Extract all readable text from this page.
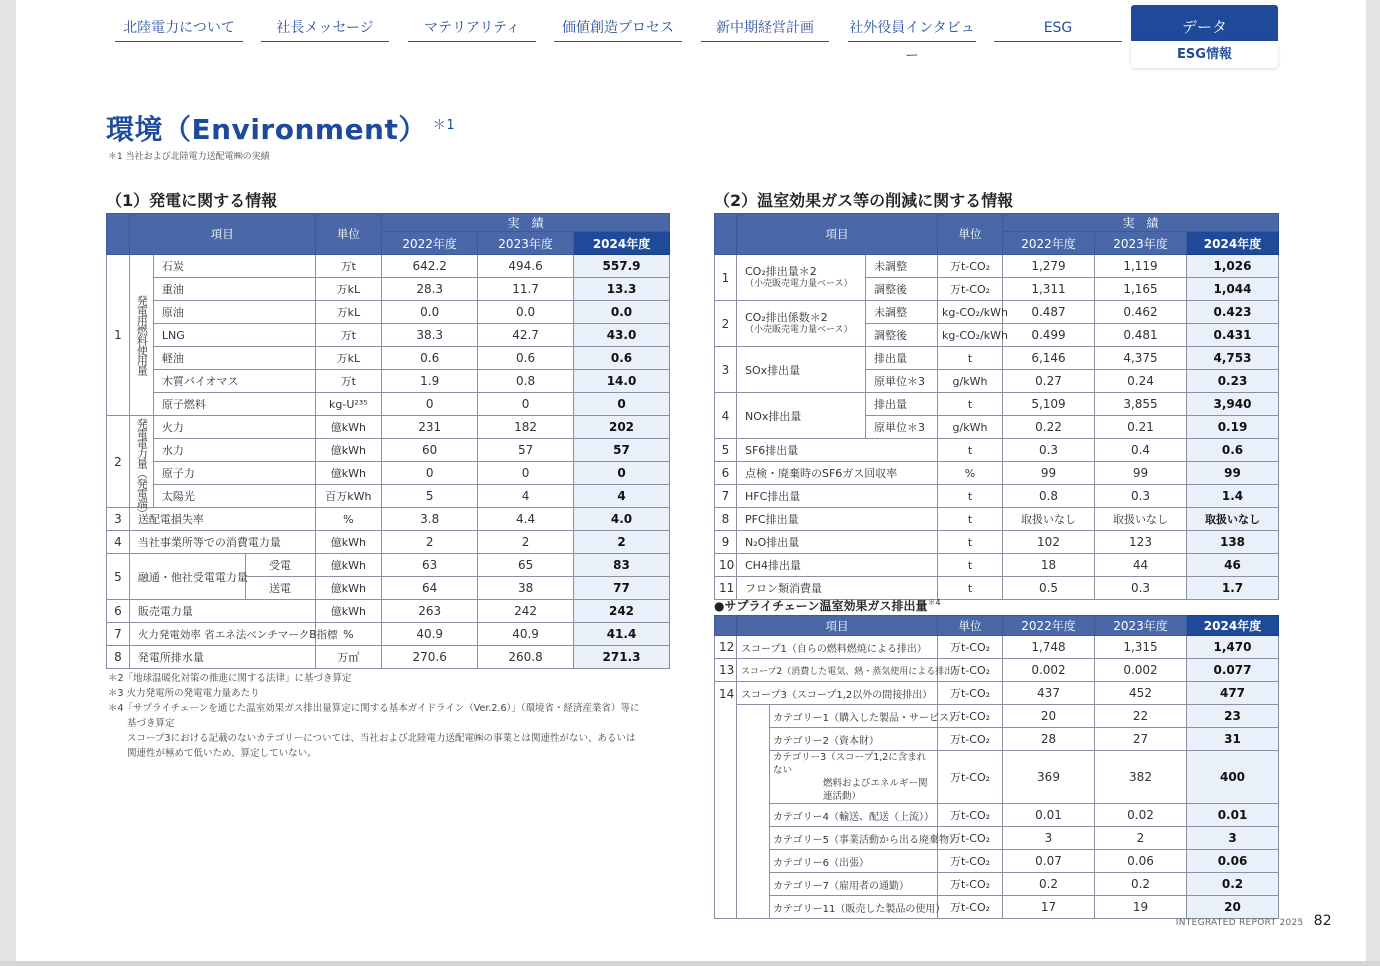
北陸電力について	社長メッセージ	マテリアリティ	価値創造プロセス	新中期経営計画	社外役員インタビュー
ESG	データ
ESG情報
環境（Environment） $^{*1}$
＊1 当社および北陸電力送配電㈱の実績
（1）発電に関する情報
	項目			単位	実　績		
					2022年度	2023年度	2024年度
1	発電用燃料使用量	石炭		万t	642.2	494.6	557.9
		重油		万kL	28.3	11.7	13.3
		原油		万kL	0.0	0.0	0.0
		LNG		万t	38.3	42.7	43.0
		軽油		万kL	0.6	0.6	0.6
		木質バイオマス		万t	1.9	0.8	14.0
		原子燃料		kg-U²³⁵	0	0	0
2	発電電力量（発電端）	火力		億kWh	231	182	202
		水力		億kWh	60	57	57
		原子力		億kWh	0	0	0
		太陽光		百万kWh	5	4	4
3	送配電損失率			%	3.8	4.4	4.0
4	当社事業所等での消費電力量			億kWh	2	2	2
5	融通・他社受電電力量		受電	億kWh	63	65	83
			送電	億kWh	64	38	77
6	販売電力量			億kWh	263	242	242
7	火力発電効率 省エネ法ベンチマークB指標			%	40.9	40.9	41.4
8	発電所排水量			万㎥	270.6	260.8	271.3
＊2「地球温暖化対策の推進に関する法律」に基づき算定
＊3 火力発電所の発電電力量あたり
＊4「サプライチェーンを通じた温室効果ガス排出量算定に関する基本ガイドライン（Ver.2.6）」（環境省・経済産業省）等に
　　基づき算定
　　スコープ3における記載のないカテゴリーについては、当社および北陸電力送配電㈱の事業とは関連性がない、あるいは
　　関連性が極めて低いため、算定していない。
（2）温室効果ガス等の削減に関する情報
	項目		単位	実　績		
				2022年度	2023年度	2024年度
1	CO₂排出量＊2
（小売販売電力量ベース）	未調整	万t-CO₂	1,279	1,119	1,026
		調整後	万t-CO₂	1,311	1,165	1,044
2	CO₂排出係数＊2
（小売販売電力量ベース）	未調整	kg-CO₂/kWh	0.487	0.462	0.423
		調整後	kg-CO₂/kWh	0.499	0.481	0.431
3	SOx排出量	排出量	t	6,146	4,375	4,753
		原単位＊3	g/kWh	0.27	0.24	0.23
4	NOx排出量	排出量	t	5,109	3,855	3,940
		原単位＊3	g/kWh	0.22	0.21	0.19
5	SF6排出量		t	0.3	0.4	0.6
6	点検・廃棄時のSF6ガス回収率		%	99	99	99
7	HFC排出量		t	0.8	0.3	1.4
8	PFC排出量		t	取扱いなし	取扱いなし	取扱いなし
9	N₂O排出量		t	102	123	138
10	CH4排出量		t	18	44	46
11	フロン類消費量		t	0.5	0.3	1.7
●サプライチェーン温室効果ガス排出量$^{*4}$
	項目		単位	2022年度	2023年度	2024年度
12	スコープ1（自らの燃料燃焼による排出）		万t-CO₂	1,748	1,315	1,470
13	スコープ2（消費した電気、熱・蒸気使用による排出）		万t-CO₂	0.002	0.002	0.077
14	スコープ3（スコープ1,2以外の間接排出）		万t-CO₂	437	452	477
		カテゴリー1（購入した製品・サービス）	万t-CO₂	20	22	23
		カテゴリー2（資本財）	万t-CO₂	28	27	31

		カテゴリー3（スコープ1,2に含まれない
燃料およびエネルギー関連活動）	万t-CO₂	369	382	400
		カテゴリー4（輸送、配送（上流））	万t-CO₂	0.01	0.02	0.01
		カテゴリー5（事業活動から出る廃棄物）	万t-CO₂	3	2	3
		カテゴリー6（出張）	万t-CO₂	0.07	0.06	0.06
		カテゴリー7（雇用者の通勤）	万t-CO₂	0.2	0.2	0.2
		カテゴリー11（販売した製品の使用）	万t-CO₂	17	19	20
INTEGRATED REPORT 2025 82
